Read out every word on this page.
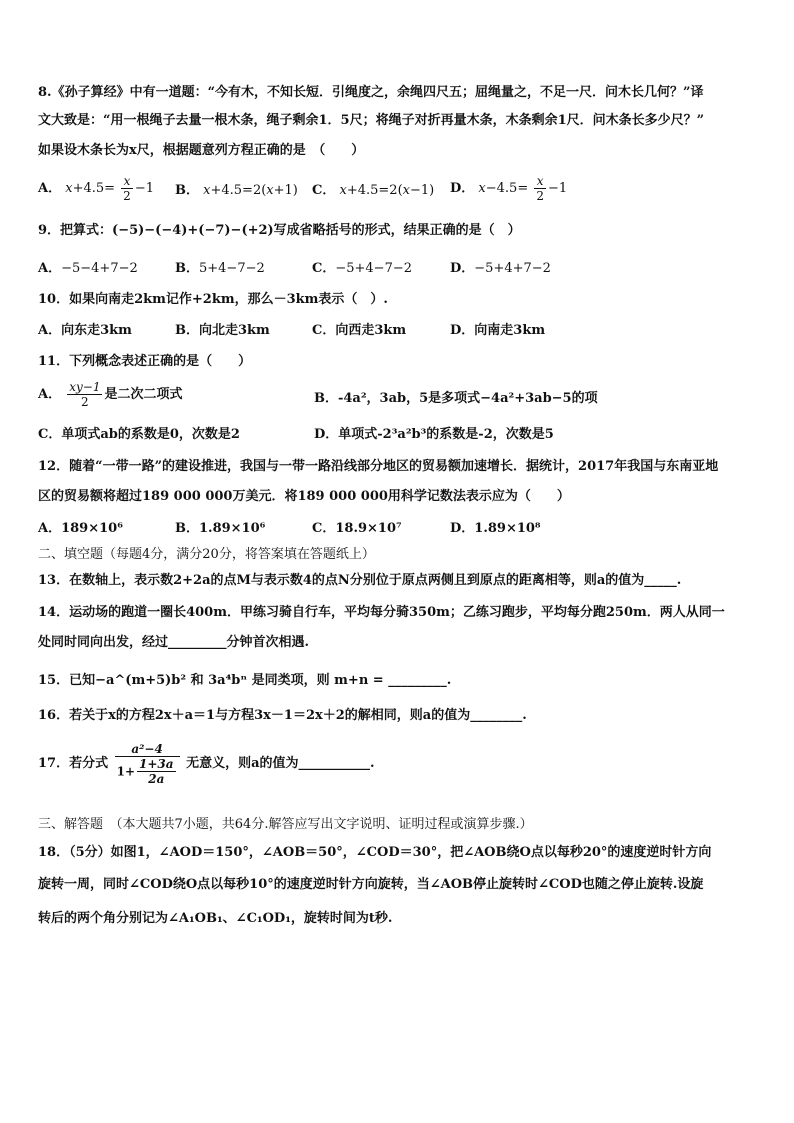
8.《孙子算经》中有一道题：“今有木，不知长短．引绳度之，余绳四尺五；屈绳量之，不足一尺．问木长几何？”译
文大致是：“用一根绳子去量一根木条，绳子剩余1．5尺；将绳子对折再量木条，木条剩余1尺．问木条长多少尺？”
如果设木条长为x尺，根据题意列方程正确的是　（　　）
A． $x+4.5= \frac{x}{2} -1$ B． x+4.5=2(x+1) C． x+4.5=2(x−1) D． $x-4.5= \frac{x}{2} -1$
9．把算式：(−5)−(−4)+(−7)−(+2)写成省略括号的形式，结果正确的是（　）
A．−5−4+7−2	B．5+4−7−2	C．−5+4−7−2	D．−5+4+7−2
10．如果向南走2km记作+2km，那么－3km表示（　）.
A．向东走3km	B．向北走3km	C．向西走3km	D．向南走3km
11．下列概念表述正确的是（　　）
A． $\frac{xy-1}{2}$ 是二次二项式	B．-4a²，3ab，5是多项式−4a²+3ab−5的项
C．单项式ab的系数是0，次数是2	D．单项式-2³a²b³的系数是-2，次数是5
12．随着“一带一路”的建设推进，我国与一带一路沿线部分地区的贸易额加速增长．据统计，2017年我国与东南亚地
区的贸易额将超过189 000 000万美元．将189 000 000用科学记数法表示应为（　　）
A．189×10⁶	B．1.89×10⁶	C．18.9×10⁷	D．1.89×10⁸
二、填空题（每题4分，满分20分，将答案填在答题纸上）
13．在数轴上，表示数2+2a的点M与表示数4的点N分别位于原点两侧且到原点的距离相等，则a的值为_____.
14．运动场的跑道一圈长400m．甲练习骑自行车，平均每分骑350m；乙练习跑步，平均每分跑250m．两人从同一
处同时同向出发，经过_________分钟首次相遇.
15．已知−a^(m+5)b² 和 3a⁴bⁿ 是同类项，则 m+n = _________.
16．若关于x的方程2x＋a＝1与方程3x－1＝2x＋2的解相同，则a的值为________.
17．若分式 $\frac{\text{a²−4}}{1+ \frac{1+3a}{2a}}$ 无意义，则a的值为___________.
三、解答题　（本大题共7小题，共64分.解答应写出文字说明、证明过程或演算步骤.）
18．（5分）如图1，∠AOD＝150°，∠AOB＝50°，∠COD＝30°，把∠AOB绕O点以每秒20°的速度逆时针方向
旋转一周，同时∠COD绕O点以每秒10°的速度逆时针方向旋转，当∠AOB停止旋转时∠COD也随之停止旋转.设旋
转后的两个角分别记为∠A₁OB₁、∠C₁OD₁，旋转时间为t秒.
